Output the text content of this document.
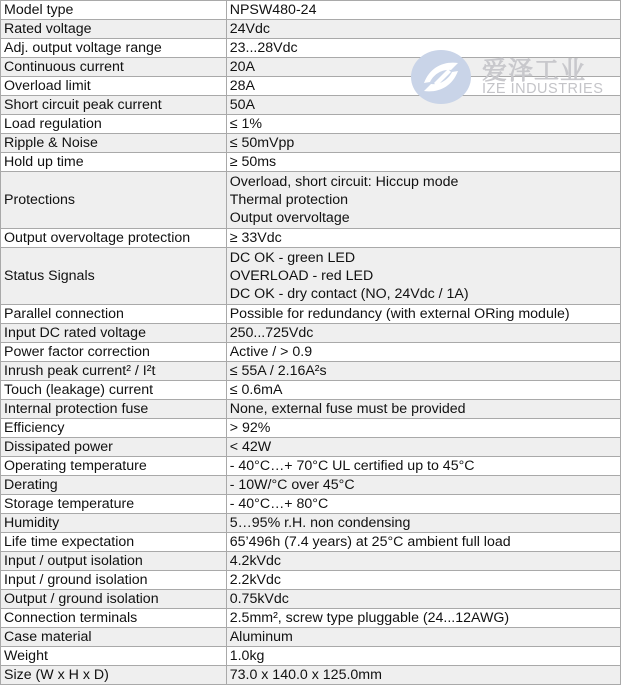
Model type	NPSW480-24

Rated voltage	24Vdc

Adj. output voltage range	23...28Vdc

Continuous current	20A

Overload limit	28A

Short circuit peak current	50A

Load regulation	≤ 1%

Ripple & Noise	≤ 50mVpp

Hold up time	≥ 50ms

Protections	Overload, short circuit: Hiccup mode
Thermal protection
Output overvoltage

Output overvoltage protection	≥ 33Vdc

Status Signals	DC OK - green LED
OVERLOAD - red LED
DC OK - dry contact (NO, 24Vdc / 1A)

Parallel connection	Possible for redundancy (with external ORing module)

Input DC rated voltage	250...725Vdc

Power factor correction	Active / > 0.9

Inrush peak current² / I²t	≤ 55A / 2.16A²s

Touch (leakage) current	≤ 0.6mA

Internal protection fuse	None, external fuse must be provided

Efficiency	> 92%

Dissipated power	< 42W

Operating temperature	- 40°C…+ 70°C UL certified up to 45°C

Derating	- 10W/°C over 45°C

Storage temperature	- 40°C…+ 80°C

Humidity	5…95% r.H. non condensing

Life time expectation	65’496h (7.4 years) at 25°C ambient full load

Input / output isolation	4.2kVdc

Input / ground isolation	2.2kVdc

Output / ground isolation	0.75kVdc

Connection terminals	2.5mm², screw type pluggable (24...12AWG)

Case material	Aluminum

Weight	1.0kg

Size (W x H x D)	73.0 x 140.0 x 125.0mm
爱泽工业
IZE INDUSTRIES
